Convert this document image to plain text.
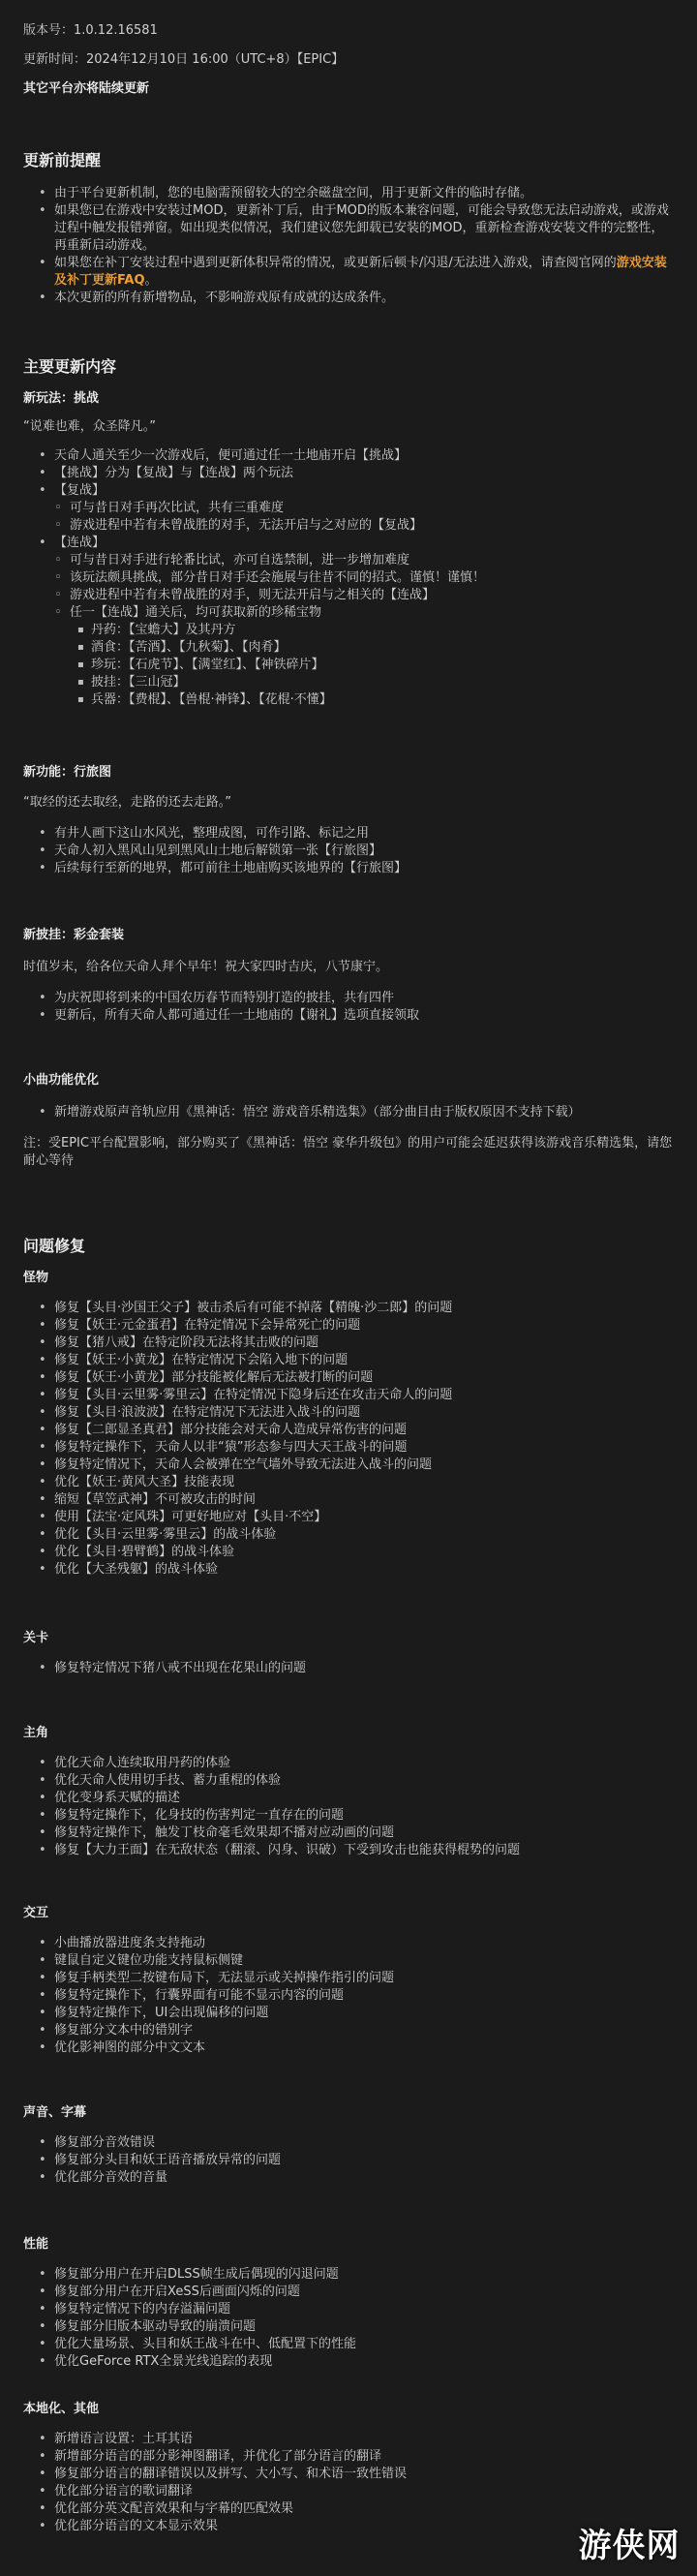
版本号：1.0.12.16581
更新时间：2024年12月10日 16:00（UTC+8）【EPIC】
其它平台亦将陆续更新
更新前提醒
• 由于平台更新机制，您的电脑需预留较大的空余磁盘空间，用于更新文件的临时存储。
• 如果您已在游戏中安装过MOD，更新补丁后，由于MOD的版本兼容问题，可能会导致您无法启动游戏，或游戏过程中触发报错弹窗。如出现类似情况，我们建议您先卸载已安装的MOD，重新检查游戏安装文件的完整性，再重新启动游戏。
• 如果您在补丁安装过程中遇到更新体积异常的情况，或更新后顿卡/闪退/无法进入游戏，请查阅官网的游戏安装及补丁更新FAQ。
• 本次更新的所有新增物品，不影响游戏原有成就的达成条件。
主要更新内容
新玩法：挑战

“说难也难，众圣降凡。”

• 天命人通关至少一次游戏后，便可通过任一土地庙开启【挑战】
• 【挑战】分为【复战】与【连战】两个玩法
• 【复战】
◦ 可与昔日对手再次比试，共有三重难度
◦ 游戏进程中若有未曾战胜的对手，无法开启与之对应的【复战】
• 【连战】
◦ 可与昔日对手进行轮番比试，亦可自选禁制，进一步增加难度
◦ 该玩法颇具挑战，部分昔日对手还会施展与往昔不同的招式。谨慎！谨慎！
◦ 游戏进程中若有未曾战胜的对手，则无法开启与之相关的【连战】
◦ 任一【连战】通关后，均可获取新的珍稀宝物
▪ 丹药：【宝蟾大】及其丹方
▪ 酒食：【苦酒】、【九秋菊】、【肉肴】
▪ 珍玩：【石虎节】、【满堂红】、【神铁碎片】
▪ 披挂：【三山冠】
▪ 兵器：【费棍】、【兽棍·神锋】、【花棍·不懂】
新功能：行旅图

“取经的还去取经，走路的还去走路。”

• 有井人画下这山水风光，整理成图，可作引路、标记之用
• 天命人初入黑风山见到黑风山土地后解锁第一张【行旅图】
• 后续每行至新的地界，都可前往土地庙购买该地界的【行旅图】
新披挂：彩金套装

时值岁末，给各位天命人拜个早年！祝大家四时吉庆，八节康宁。

• 为庆祝即将到来的中国农历春节而特别打造的披挂，共有四件
• 更新后，所有天命人都可通过任一土地庙的【谢礼】选项直接领取
小曲功能优化
• 新增游戏原声音轨应用《黑神话：悟空 游戏音乐精选集》（部分曲目由于版权原因不支持下载）

注：受EPIC平台配置影响，部分购买了《黑神话：悟空 豪华升级包》的用户可能会延迟获得该游戏音乐精选集，请您耐心等待

问题修复
怪物
• 修复【头目·沙国王父子】被击杀后有可能不掉落【精魄·沙二郎】的问题
• 修复【妖王·元金蛋君】在特定情况下会异常死亡的问题
• 修复【猪八戒】在特定阶段无法将其击败的问题
• 修复【妖王·小黄龙】在特定情况下会陷入地下的问题
• 修复【妖王·小黄龙】部分技能被化解后无法被打断的问题
• 修复【头目·云里雾·雾里云】在特定情况下隐身后还在攻击天命人的问题
• 修复【头目·浪波波】在特定情况下无法进入战斗的问题
• 修复【二郎显圣真君】部分技能会对天命人造成异常伤害的问题
• 修复特定操作下，天命人以非“猿”形态参与四大天王战斗的问题
• 修复特定情况下，天命人会被弹在空气墙外导致无法进入战斗的问题
• 优化【妖王·黄风大圣】技能表现
• 缩短【草笠武神】不可被攻击的时间
• 使用【法宝·定风珠】可更好地应对【头目·不空】
• 优化【头目·云里雾·雾里云】的战斗体验
• 优化【头目·碧臂鹤】的战斗体验
• 优化【大圣残躯】的战斗体验
关卡
• 修复特定情况下猪八戒不出现在花果山的问题
主角
• 优化天命人连续取用丹药的体验
• 优化天命人使用切手技、蓄力重棍的体验
• 优化变身系天赋的描述
• 修复特定操作下，化身技的伤害判定一直存在的问题
• 修复特定操作下，触发丁枝命毫毛效果却不播对应动画的问题
• 修复【大力王面】在无敌状态（翻滚、闪身、识破）下受到攻击也能获得棍势的问题
交互
• 小曲播放器进度条支持拖动
• 键鼠自定义键位功能支持鼠标侧键
• 修复手柄类型二按键布局下，无法显示或关掉操作指引的问题
• 修复特定操作下，行囊界面有可能不显示内容的问题
• 修复特定操作下，UI会出现偏移的问题
• 修复部分文本中的错别字
• 优化影神图的部分中文文本
声音、字幕
• 修复部分音效错误
• 修复部分头目和妖王语音播放异常的问题
• 优化部分音效的音量
性能
• 修复部分用户在开启DLSS帧生成后偶现的闪退问题
• 修复部分用户在开启XeSS后画面闪烁的问题
• 修复特定情况下的内存溢漏问题
• 修复部分旧版本驱动导致的崩溃问题
• 优化大量场景、头目和妖王战斗在中、低配置下的性能
• 优化GeForce RTX全景光线追踪的表现
本地化、其他
• 新增语言设置：土耳其语
• 新增部分语言的部分影神图翻译，并优化了部分语言的翻译
• 修复部分语言的翻译错误以及拼写、大小写、和术语一致性错误
• 优化部分语言的歌词翻译
• 优化部分英文配音效果和与字幕的匹配效果
• 优化部分语言的文本显示效果
游侠网
